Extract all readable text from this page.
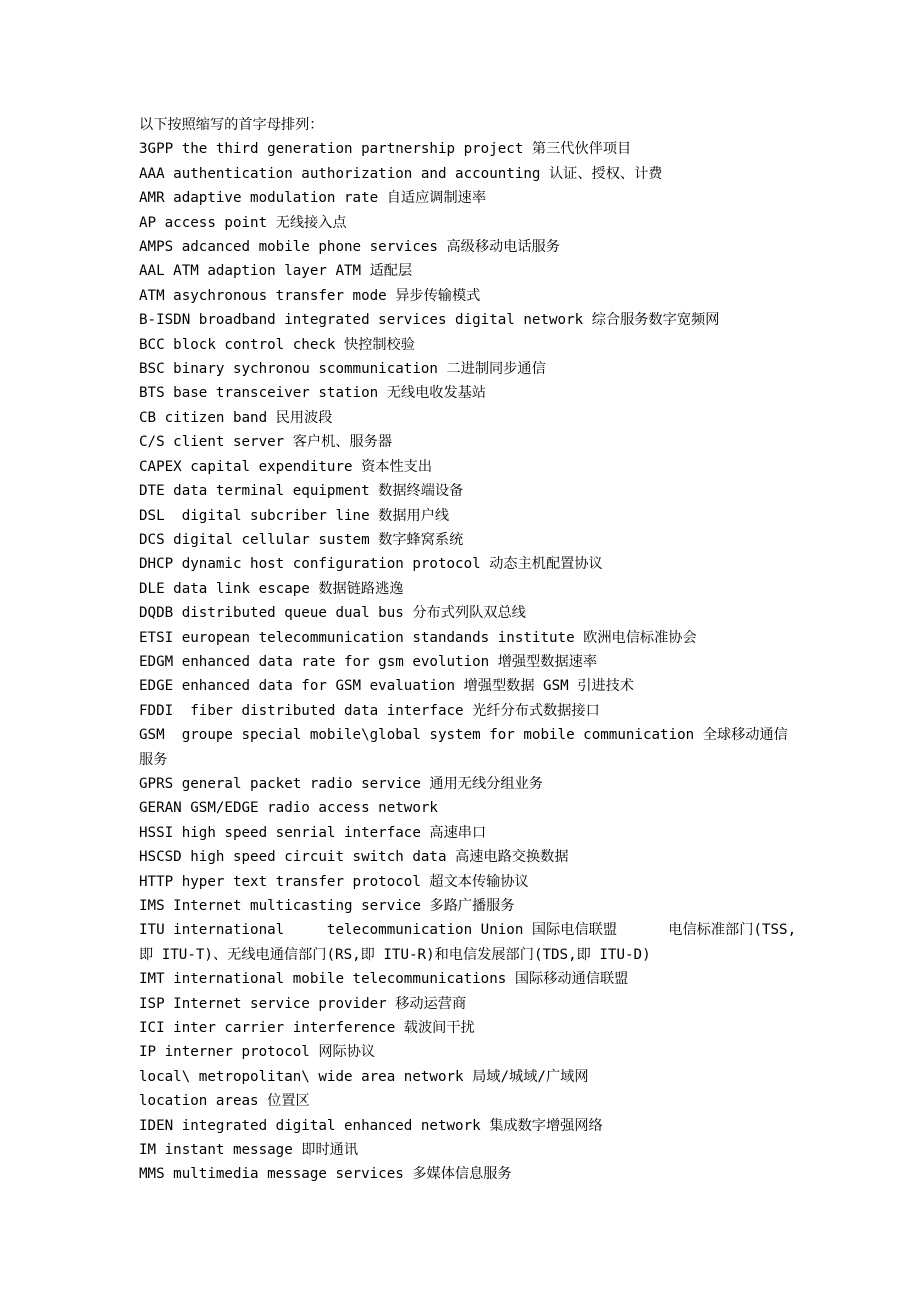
以下按照缩写的首字母排列：

3GPP the third generation partnership project 第三代伙伴项目

AAA authentication authorization and accounting 认证、授权、计费

AMR adaptive modulation rate 自适应调制速率

AP access point 无线接入点

AMPS adcanced mobile phone services 高级移动电话服务

AAL ATM adaption layer ATM 适配层

ATM asychronous transfer mode 异步传输模式

B-ISDN broadband integrated services digital network 综合服务数字宽频网

BCC block control check 快控制校验

BSC binary sychronou scommunication 二进制同步通信

BTS base transceiver station 无线电收发基站

CB citizen band 民用波段

C/S client server 客户机、服务器

CAPEX capital expenditure 资本性支出

DTE data terminal equipment 数据终端设备

DSL  digital subcriber line 数据用户线

DCS digital cellular sustem 数字蜂窝系统

DHCP dynamic host configuration protocol 动态主机配置协议

DLE data link escape 数据链路逃逸

DQDB distributed queue dual bus 分布式列队双总线

ETSI european telecommunication standands institute 欧洲电信标准协会

EDGM enhanced data rate for gsm evolution 增强型数据速率

EDGE enhanced data for GSM evaluation 增强型数据 GSM 引进技术

FDDI  fiber distributed data interface 光纤分布式数据接口

GSM  groupe special mobile\global system for mobile communication 全球移动通信服务

GPRS general packet radio service 通用无线分组业务

GERAN GSM/EDGE radio access network

HSSI high speed senrial interface 高速串口

HSCSD high speed circuit switch data 高速电路交换数据

HTTP hyper text transfer protocol 超文本传输协议

IMS Internet multicasting service 多路广播服务

ITU international     telecommunication Union 国际电信联盟      电信标准部门(TSS,即 ITU-T)、无线电通信部门(RS,即 ITU-R)和电信发展部门(TDS,即 ITU-D)

IMT international mobile telecommunications 国际移动通信联盟

ISP Internet service provider 移动运营商

ICI inter carrier interference 载波间干扰

IP interner protocol 网际协议

local\ metropolitan\ wide area network 局域/城域/广域网

location areas 位置区

IDEN integrated digital enhanced network 集成数字增强网络

IM instant message 即时通讯

MMS multimedia message services 多媒体信息服务
